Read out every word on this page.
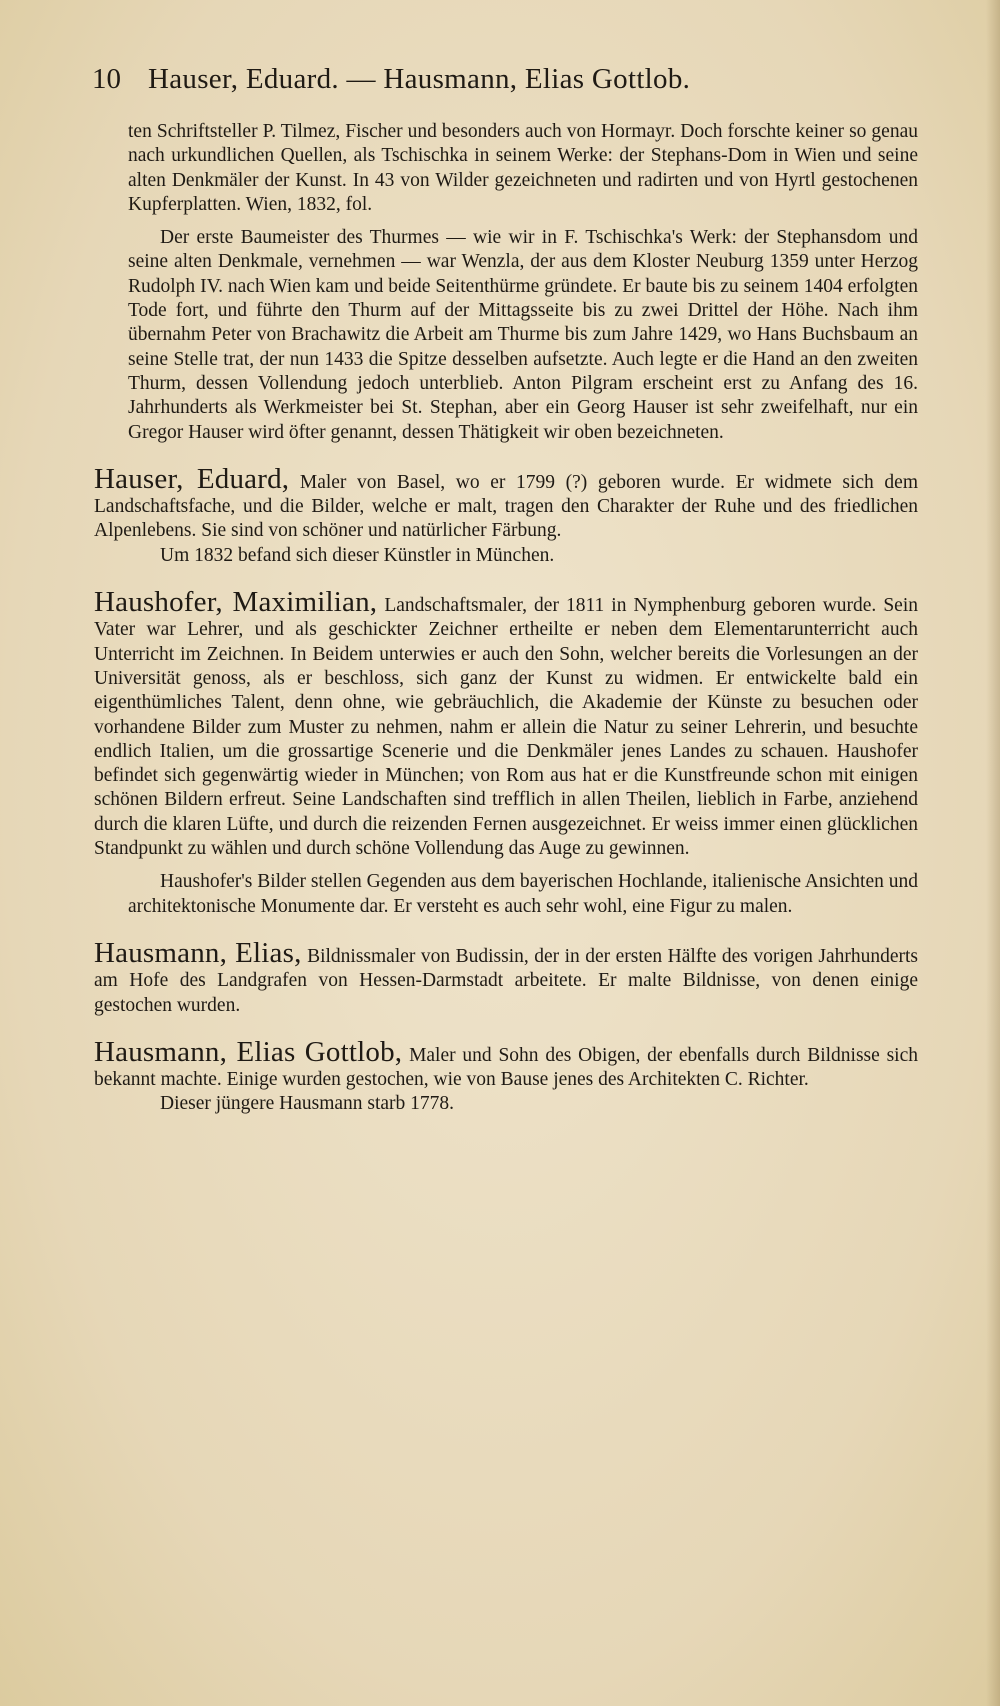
10 Hauser, Eduard. — Hausmann, Elias Gottlob.

ten Schriftsteller P. Tilmez, Fischer und besonders auch von Hormayr. Doch forschte keiner so genau nach urkundlichen Quellen, als Tschischka in seinem Werke: der Stephans-Dom in Wien und seine alten Denkmäler der Kunst. In 43 von Wilder gezeichneten und radirten und von Hyrtl gestochenen Kupferplatten. Wien, 1832, fol.

Der erste Baumeister des Thurmes — wie wir in F. Tschischka's Werk: der Stephansdom und seine alten Denkmale, vernehmen — war Wenzla, der aus dem Kloster Neuburg 1359 unter Herzog Rudolph IV. nach Wien kam und beide Seitenthürme gründete. Er baute bis zu seinem 1404 erfolgten Tode fort, und führte den Thurm auf der Mittagsseite bis zu zwei Drittel der Höhe. Nach ihm übernahm Peter von Brachawitz die Arbeit am Thurme bis zum Jahre 1429, wo Hans Buchsbaum an seine Stelle trat, der nun 1433 die Spitze desselben aufsetzte. Auch legte er die Hand an den zweiten Thurm, dessen Vollendung jedoch unterblieb. Anton Pilgram erscheint erst zu Anfang des 16. Jahrhunderts als Werkmeister bei St. Stephan, aber ein Georg Hauser ist sehr zweifelhaft, nur ein Gregor Hauser wird öfter genannt, dessen Thätigkeit wir oben bezeichneten.

Hauser, Eduard, Maler von Basel, wo er 1799 (?) geboren wurde. Er widmete sich dem Landschaftsfache, und die Bilder, welche er malt, tragen den Charakter der Ruhe und des friedlichen Alpenlebens. Sie sind von schöner und natürlicher Färbung.

Um 1832 befand sich dieser Künstler in München.

Haushofer, Maximilian, Landschaftsmaler, der 1811 in Nymphenburg geboren wurde. Sein Vater war Lehrer, und als geschickter Zeichner ertheilte er neben dem Elementarunterricht auch Unterricht im Zeichnen. In Beidem unterwies er auch den Sohn, welcher bereits die Vorlesungen an der Universität genoss, als er beschloss, sich ganz der Kunst zu widmen. Er entwickelte bald ein eigenthümliches Talent, denn ohne, wie gebräuchlich, die Akademie der Künste zu besuchen oder vorhandene Bilder zum Muster zu nehmen, nahm er allein die Natur zu seiner Lehrerin, und besuchte endlich Italien, um die grossartige Scenerie und die Denkmäler jenes Landes zu schauen. Haushofer befindet sich gegenwärtig wieder in München; von Rom aus hat er die Kunstfreunde schon mit einigen schönen Bildern erfreut. Seine Landschaften sind trefflich in allen Theilen, lieblich in Farbe, anziehend durch die klaren Lüfte, und durch die reizenden Fernen ausgezeichnet. Er weiss immer einen glücklichen Standpunkt zu wählen und durch schöne Vollendung das Auge zu gewinnen.

Haushofer's Bilder stellen Gegenden aus dem bayerischen Hochlande, italienische Ansichten und architektonische Monumente dar. Er versteht es auch sehr wohl, eine Figur zu malen.

Hausmann, Elias, Bildnissmaler von Budissin, der in der ersten Hälfte des vorigen Jahrhunderts am Hofe des Landgrafen von Hessen-Darmstadt arbeitete. Er malte Bildnisse, von denen einige gestochen wurden.

Hausmann, Elias Gottlob, Maler und Sohn des Obigen, der ebenfalls durch Bildnisse sich bekannt machte. Einige wurden gestochen, wie von Bause jenes des Architekten C. Richter.

Dieser jüngere Hausmann starb 1778.
